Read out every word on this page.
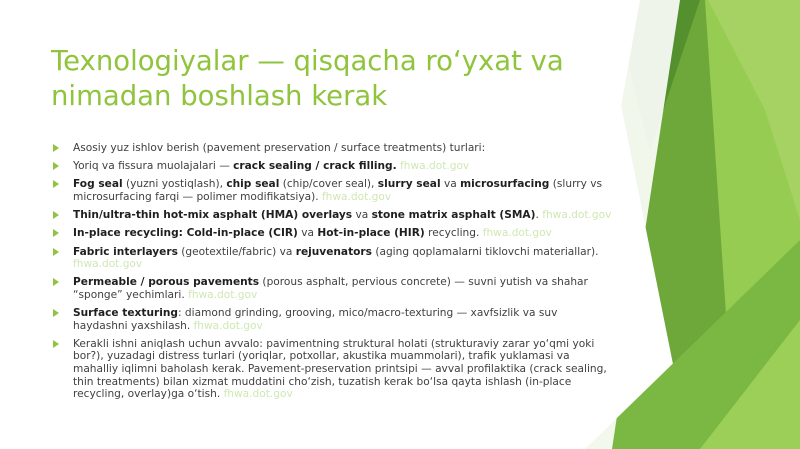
Texnologiyalar — qisqacha ro‘yxat va nimadan boshlash kerak
Asosiy yuz ishlov berish (pavement preservation / surface treatments) turlari:
Yoriq va fissura muolajalari — crack sealing / crack filling. fhwa.dot.gov
Fog seal (yuzni yostiqlash), chip seal (chip/cover seal), slurry seal va microsurfacing (slurry vs microsurfacing farqi — polimer modifikatsiya). fhwa.dot.gov
Thin/ultra-thin hot-mix asphalt (HMA) overlays va stone matrix asphalt (SMA). fhwa.dot.gov
In-place recycling: Cold-in-place (CIR) va Hot-in-place (HIR) recycling. fhwa.dot.gov
Fabric interlayers (geotextile/fabric) va rejuvenators (aging qoplamalarni tiklovchi materiallar). fhwa.dot.gov
Permeable / porous pavements (porous asphalt, pervious concrete) — suvni yutish va shahar “sponge” yechimlari. fhwa.dot.gov
Surface texturing: diamond grinding, grooving, mico/macro-texturing — xavfsizlik va suv haydashni yaxshilash. fhwa.dot.gov
Kerakli ishni aniqlash uchun avvalo: pavimentning struktural holati (strukturaviy zarar yo‘qmi yoki bor?), yuzadagi distress turlari (yoriqlar, potxollar, akustika muammolari), trafik yuklamasi va mahalliy iqlimni baholash kerak. Pavement-preservation printsipi — avval profilaktika (crack sealing, thin treatments) bilan xizmat muddatini cho‘zish, tuzatish kerak bo‘lsa qayta ishlash (in-place recycling, overlay)ga o‘tish. fhwa.dot.gov
